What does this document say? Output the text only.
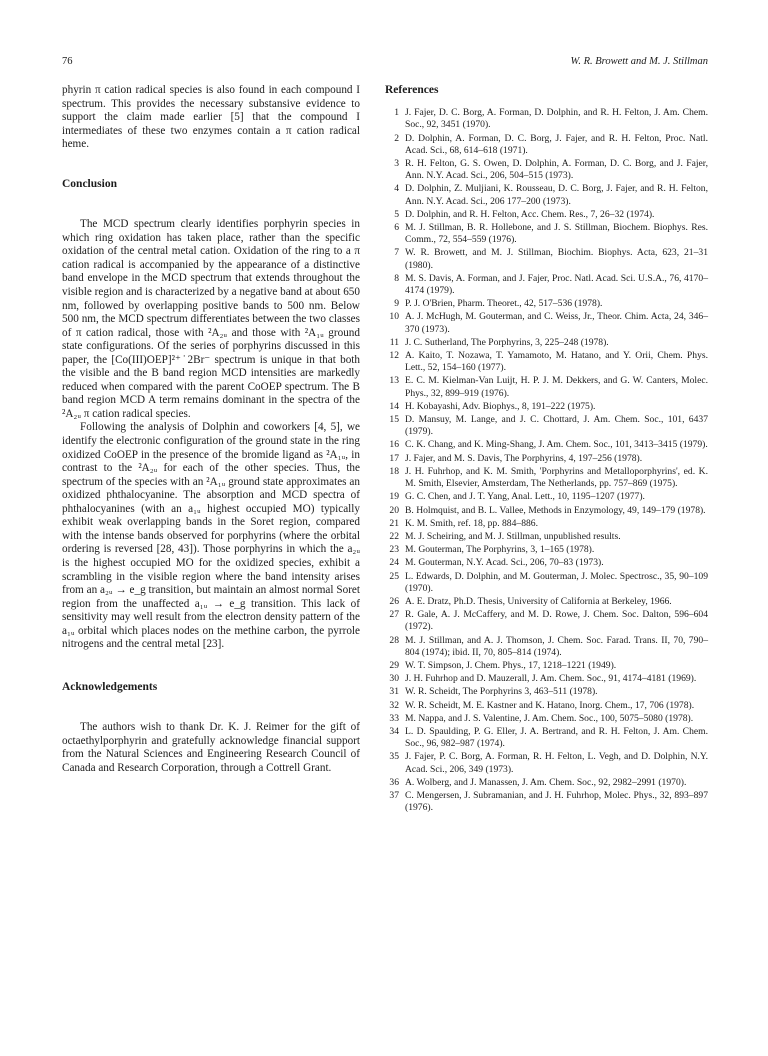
76	W. R. Browett and M. J. Stillman

phyrin π cation radical species is also found in each compound I spectrum. This provides the necessary substansive evidence to support the claim made earlier [5] that the compound I intermediates of these two enzymes contain a π cation radical heme.

Conclusion

The MCD spectrum clearly identifies porphyrin species in which ring oxidation has taken place, rather than the specific oxidation of the central metal cation. Oxidation of the ring to a π cation radical is accompanied by the appearance of a distinctive band envelope in the MCD spectrum that extends throughout the visible region and is characterized by a negative band at about 650 nm, followed by overlapping positive bands to 500 nm. Below 500 nm, the MCD spectrum differentiates between the two classes of π cation radical, those with ²A₂ᵤ and those with ²A₁ᵤ ground state configurations. Of the series of porphyrins discussed in this paper, the [Co(III)OEP]²⁺˙2Br⁻ spectrum is unique in that both the visible and the B band region MCD intensities are markedly reduced when compared with the parent CoOEP spectrum. The B band region MCD A term remains dominant in the spectra of the ²A₂ᵤ π cation radical species.

Following the analysis of Dolphin and coworkers [4, 5], we identify the electronic configuration of the ground state in the ring oxidized CoOEP in the presence of the bromide ligand as ²A₁ᵤ, in contrast to the ²A₂ᵤ for each of the other species. Thus, the spectrum of the species with an ²A₁ᵤ ground state approximates an oxidized phthalocyanine. The absorption and MCD spectra of phthalocyanines (with an a₁ᵤ highest occupied MO) typically exhibit weak overlapping bands in the Soret region, compared with the intense bands observed for porphyrins (where the orbital ordering is reversed [28, 43]). Those porphyrins in which the a₂ᵤ is the highest occupied MO for the oxidized species, exhibit a scrambling in the visible region where the band intensity arises from an a₂ᵤ → e_g transition, but maintain an almost normal Soret region from the unaffected a₁ᵤ → e_g transition. This lack of sensitivity may well result from the electron density pattern of the a₁ᵤ orbital which places nodes on the methine carbon, the pyrrole nitrogens and the central metal [23].

Acknowledgements

The authors wish to thank Dr. K. J. Reimer for the gift of octaethylporphyrin and gratefully acknowledge financial support from the Natural Sciences and Engineering Research Council of Canada and Research Corporation, through a Cottrell Grant.

References
1 J. Fajer, D. C. Borg, A. Forman, D. Dolphin, and R. H. Felton, J. Am. Chem. Soc., 92, 3451 (1970).
2 D. Dolphin, A. Forman, D. C. Borg, J. Fajer, and R. H. Felton, Proc. Natl. Acad. Sci., 68, 614–618 (1971).
3 R. H. Felton, G. S. Owen, D. Dolphin, A. Forman, D. C. Borg, and J. Fajer, Ann. N.Y. Acad. Sci., 206, 504–515 (1973).
4 D. Dolphin, Z. Muljiani, K. Rousseau, D. C. Borg, J. Fajer, and R. H. Felton, Ann. N.Y. Acad. Sci., 206 177–200 (1973).
5 D. Dolphin, and R. H. Felton, Acc. Chem. Res., 7, 26–32 (1974).
6 M. J. Stillman, B. R. Hollebone, and J. S. Stillman, Biochem. Biophys. Res. Comm., 72, 554–559 (1976).
7 W. R. Browett, and M. J. Stillman, Biochim. Biophys. Acta, 623, 21–31 (1980).
8 M. S. Davis, A. Forman, and J. Fajer, Proc. Natl. Acad. Sci. U.S.A., 76, 4170–4174 (1979).
9 P. J. O'Brien, Pharm. Theoret., 42, 517–536 (1978).
10 A. J. McHugh, M. Gouterman, and C. Weiss, Jr., Theor. Chim. Acta, 24, 346–370 (1973).
11 J. C. Sutherland, The Porphyrins, 3, 225–248 (1978).
12 A. Kaito, T. Nozawa, T. Yamamoto, M. Hatano, and Y. Orii, Chem. Phys. Lett., 52, 154–160 (1977).
13 E. C. M. Kielman-Van Luijt, H. P. J. M. Dekkers, and G. W. Canters, Molec. Phys., 32, 899–919 (1976).
14 H. Kobayashi, Adv. Biophys., 8, 191–222 (1975).
15 D. Mansuy, M. Lange, and J. C. Chottard, J. Am. Chem. Soc., 101, 6437 (1979).
16 C. K. Chang, and K. Ming-Shang, J. Am. Chem. Soc., 101, 3413–3415 (1979).
17 J. Fajer, and M. S. Davis, The Porphyrins, 4, 197–256 (1978).
18 J. H. Fuhrhop, and K. M. Smith, 'Porphyrins and Metalloporphyrins', ed. K. M. Smith, Elsevier, Amsterdam, The Netherlands, pp. 757–869 (1975).
19 G. C. Chen, and J. T. Yang, Anal. Lett., 10, 1195–1207 (1977).
20 B. Holmquist, and B. L. Vallee, Methods in Enzymology, 49, 149–179 (1978).
21 K. M. Smith, ref. 18, pp. 884–886.
22 M. J. Scheiring, and M. J. Stillman, unpublished results.
23 M. Gouterman, The Porphyrins, 3, 1–165 (1978).
24 M. Gouterman, N.Y. Acad. Sci., 206, 70–83 (1973).
25 L. Edwards, D. Dolphin, and M. Gouterman, J. Molec. Spectrosc., 35, 90–109 (1970).
26 A. E. Dratz, Ph.D. Thesis, University of California at Berkeley, 1966.
27 R. Gale, A. J. McCaffery, and M. D. Rowe, J. Chem. Soc. Dalton, 596–604 (1972).
28 M. J. Stillman, and A. J. Thomson, J. Chem. Soc. Farad. Trans. II, 70, 790–804 (1974); ibid. II, 70, 805–814 (1974).
29 W. T. Simpson, J. Chem. Phys., 17, 1218–1221 (1949).
30 J. H. Fuhrhop and D. Mauzerall, J. Am. Chem. Soc., 91, 4174–4181 (1969).
31 W. R. Scheidt, The Porphyrins 3, 463–511 (1978).
32 W. R. Scheidt, M. E. Kastner and K. Hatano, Inorg. Chem., 17, 706 (1978).
33 M. Nappa, and J. S. Valentine, J. Am. Chem. Soc., 100, 5075–5080 (1978).
34 L. D. Spaulding, P. G. Eller, J. A. Bertrand, and R. H. Felton, J. Am. Chem. Soc., 96, 982–987 (1974).
35 J. Fajer, P. C. Borg, A. Forman, R. H. Felton, L. Vegh, and D. Dolphin, N.Y. Acad. Sci., 206, 349 (1973).
36 A. Wolberg, and J. Manassen, J. Am. Chem. Soc., 92, 2982–2991 (1970).
37 C. Mengersen, J. Subramanian, and J. H. Fuhrhop, Molec. Phys., 32, 893–897 (1976).
